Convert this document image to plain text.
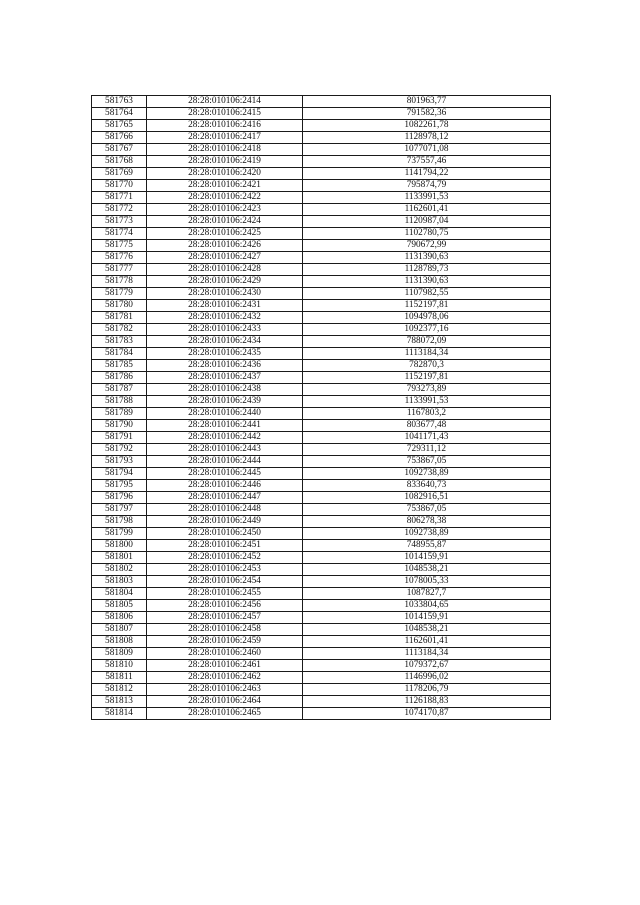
581763	28:28:010106:2414	801963,77
581764	28:28:010106:2415	791582,36
581765	28:28:010106:2416	1082261,78
581766	28:28:010106:2417	1128978,12
581767	28:28:010106:2418	1077071,08
581768	28:28:010106:2419	737557,46
581769	28:28:010106:2420	1141794,22
581770	28:28:010106:2421	795874,79
581771	28:28:010106:2422	1133991,53
581772	28:28:010106:2423	1162601,41
581773	28:28:010106:2424	1120987,04
581774	28:28:010106:2425	1102780,75
581775	28:28:010106:2426	790672,99
581776	28:28:010106:2427	1131390,63
581777	28:28:010106:2428	1128789,73
581778	28:28:010106:2429	1131390,63
581779	28:28:010106:2430	1107982,55
581780	28:28:010106:2431	1152197,81
581781	28:28:010106:2432	1094978,06
581782	28:28:010106:2433	1092377,16
581783	28:28:010106:2434	788072,09
581784	28:28:010106:2435	1113184,34
581785	28:28:010106:2436	782870,3
581786	28:28:010106:2437	1152197,81
581787	28:28:010106:2438	793273,89
581788	28:28:010106:2439	1133991,53
581789	28:28:010106:2440	1167803,2
581790	28:28:010106:2441	803677,48
581791	28:28:010106:2442	1041171,43
581792	28:28:010106:2443	729311,12
581793	28:28:010106:2444	753867,05
581794	28:28:010106:2445	1092738,89
581795	28:28:010106:2446	833640,73
581796	28:28:010106:2447	1082916,51
581797	28:28:010106:2448	753867,05
581798	28:28:010106:2449	806278,38
581799	28:28:010106:2450	1092738,89
581800	28:28:010106:2451	748955,87
581801	28:28:010106:2452	1014159,91
581802	28:28:010106:2453	1048538,21
581803	28:28:010106:2454	1078005,33
581804	28:28:010106:2455	1087827,7
581805	28:28:010106:2456	1033804,65
581806	28:28:010106:2457	1014159,91
581807	28:28:010106:2458	1048538,21
581808	28:28:010106:2459	1162601,41
581809	28:28:010106:2460	1113184,34
581810	28:28:010106:2461	1079372,67
581811	28:28:010106:2462	1146996,02
581812	28:28:010106:2463	1178206,79
581813	28:28:010106:2464	1126188,83
581814	28:28:010106:2465	1074170,87
